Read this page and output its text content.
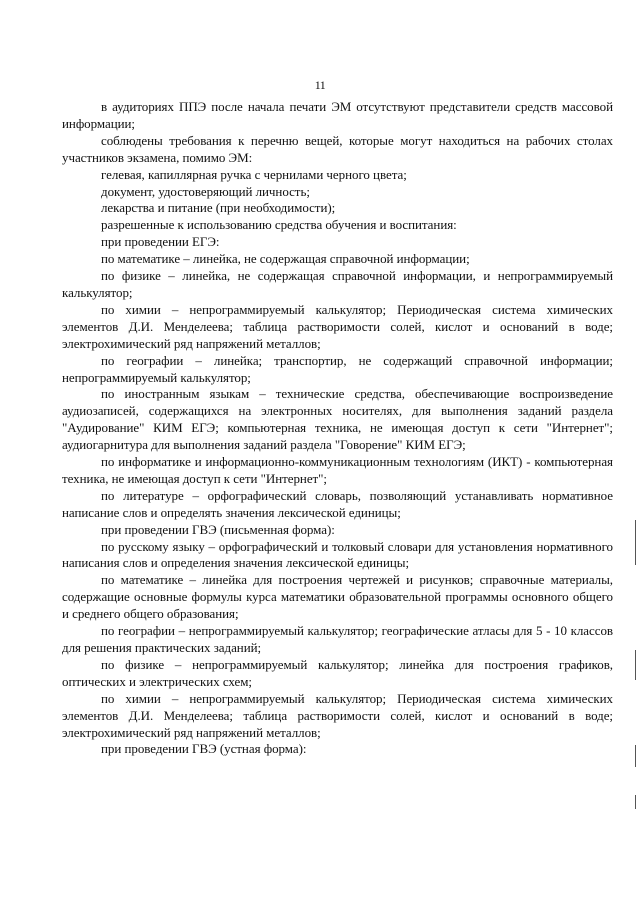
11

в аудиториях ППЭ после начала печати ЭМ отсутствуют представители средств массовой информации;

соблюдены требования к перечню вещей, которые могут находиться на рабочих столах участников экзамена, помимо ЭМ:

гелевая, капиллярная ручка с чернилами черного цвета;

документ, удостоверяющий личность;

лекарства и питание (при необходимости);

разрешенные к использованию средства обучения и воспитания:

при проведении ЕГЭ:

по математике – линейка, не содержащая справочной информации;

по физике – линейка, не содержащая справочной информации, и непрограммируемый калькулятор;

по химии – непрограммируемый калькулятор; Периодическая система химических элементов Д.И. Менделеева; таблица растворимости солей, кислот и оснований в воде; электрохимический ряд напряжений металлов;

по географии – линейка; транспортир, не содержащий справочной информации; непрограммируемый калькулятор;

по иностранным языкам – технические средства, обеспечивающие воспроизведение аудиозаписей, содержащихся на электронных носителях, для выполнения заданий раздела "Аудирование" КИМ ЕГЭ; компьютерная техника, не имеющая доступ к сети "Интернет"; аудиогарнитура для выполнения заданий раздела "Говорение" КИМ ЕГЭ;

по информатике и информационно-коммуникационным технологиям (ИКТ) - компьютерная техника, не имеющая доступ к сети "Интернет";

по литературе – орфографический словарь, позволяющий устанавливать нормативное написание слов и определять значения лексической единицы;

при проведении ГВЭ (письменная форма):

по русскому языку – орфографический и толковый словари для установления нормативного написания слов и определения значения лексической единицы;

по математике – линейка для построения чертежей и рисунков; справочные материалы, содержащие основные формулы курса математики образовательной программы основного общего и среднего общего образования;

по географии – непрограммируемый калькулятор; географические атласы для 5 - 10 классов для решения практических заданий;

по физике – непрограммируемый калькулятор; линейка для построения графиков, оптических и электрических схем;

по химии – непрограммируемый калькулятор; Периодическая система химических элементов Д.И. Менделеева; таблица растворимости солей, кислот и оснований в воде; электрохимический ряд напряжений металлов;

при проведении ГВЭ (устная форма):
